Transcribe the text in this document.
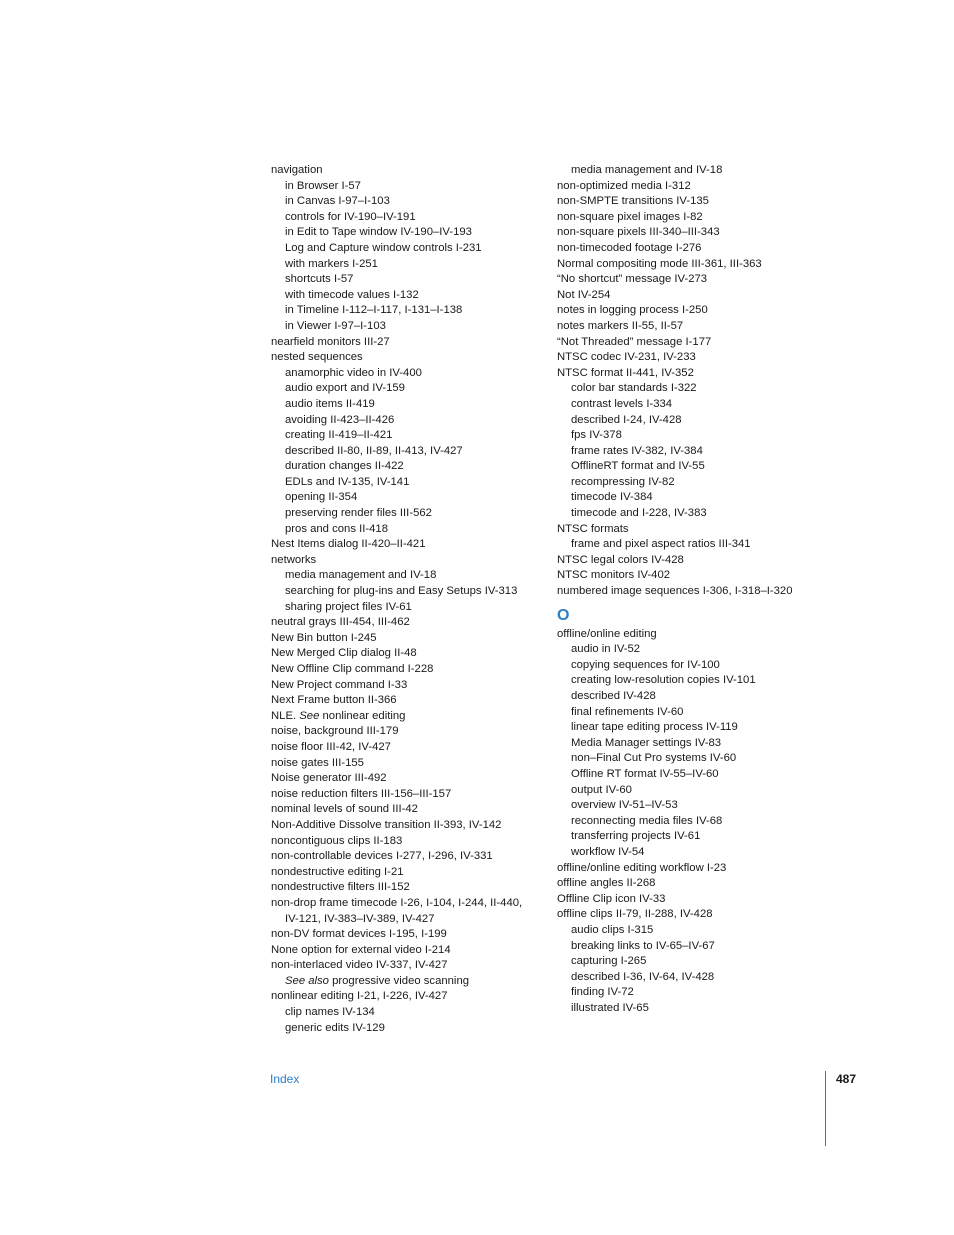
navigation
in Browser I-57
in Canvas I-97–I-103
controls for IV-190–IV-191
in Edit to Tape window IV-190–IV-193
Log and Capture window controls I-231
with markers I-251
shortcuts I-57
with timecode values I-132
in Timeline I-112–I-117, I-131–I-138
in Viewer I-97–I-103
nearfield monitors III-27
nested sequences
anamorphic video in IV-400
audio export and IV-159
audio items II-419
avoiding II-423–II-426
creating II-419–II-421
described II-80, II-89, II-413, IV-427
duration changes II-422
EDLs and IV-135, IV-141
opening II-354
preserving render files III-562
pros and cons II-418
Nest Items dialog II-420–II-421
networks
media management and IV-18
searching for plug-ins and Easy Setups IV-313
sharing project files IV-61
neutral grays III-454, III-462
New Bin button I-245
New Merged Clip dialog II-48
New Offline Clip command I-228
New Project command I-33
Next Frame button II-366
NLE. See nonlinear editing
noise, background III-179
noise floor III-42, IV-427
noise gates III-155
Noise generator III-492
noise reduction filters III-156–III-157
nominal levels of sound III-42
Non-Additive Dissolve transition II-393, IV-142
noncontiguous clips II-183
non-controllable devices I-277, I-296, IV-331
nondestructive editing I-21
nondestructive filters III-152
non-drop frame timecode I-26, I-104, I-244, II-440, IV-121, IV-383–IV-389, IV-427
non-DV format devices I-195, I-199
None option for external video I-214
non-interlaced video IV-337, IV-427
See also progressive video scanning
nonlinear editing I-21, I-226, IV-427
clip names IV-134
generic edits IV-129
media management and IV-18
non-optimized media I-312
non-SMPTE transitions IV-135
non-square pixel images I-82
non-square pixels III-340–III-343
non-timecoded footage I-276
Normal compositing mode III-361, III-363
“No shortcut” message IV-273
Not IV-254
notes in logging process I-250
notes markers II-55, II-57
“Not Threaded” message I-177
NTSC codec IV-231, IV-233
NTSC format II-441, IV-352
color bar standards I-322
contrast levels I-334
described I-24, IV-428
fps IV-378
frame rates IV-382, IV-384
OfflineRT format and IV-55
recompressing IV-82
timecode IV-384
timecode and I-228, IV-383
NTSC formats
frame and pixel aspect ratios III-341
NTSC legal colors IV-428
NTSC monitors IV-402
numbered image sequences I-306, I-318–I-320
O
offline/online editing
audio in IV-52
copying sequences for IV-100
creating low-resolution copies IV-101
described IV-428
final refinements IV-60
linear tape editing process IV-119
Media Manager settings IV-83
non–Final Cut Pro systems IV-60
Offline RT format IV-55–IV-60
output IV-60
overview IV-51–IV-53
reconnecting media files IV-68
transferring projects IV-61
workflow IV-54
offline/online editing workflow I-23
offline angles II-268
Offline Clip icon IV-33
offline clips II-79, II-288, IV-428
audio clips I-315
breaking links to IV-65–IV-67
capturing I-265
described I-36, IV-64, IV-428
finding IV-72
illustrated IV-65
Index	487
